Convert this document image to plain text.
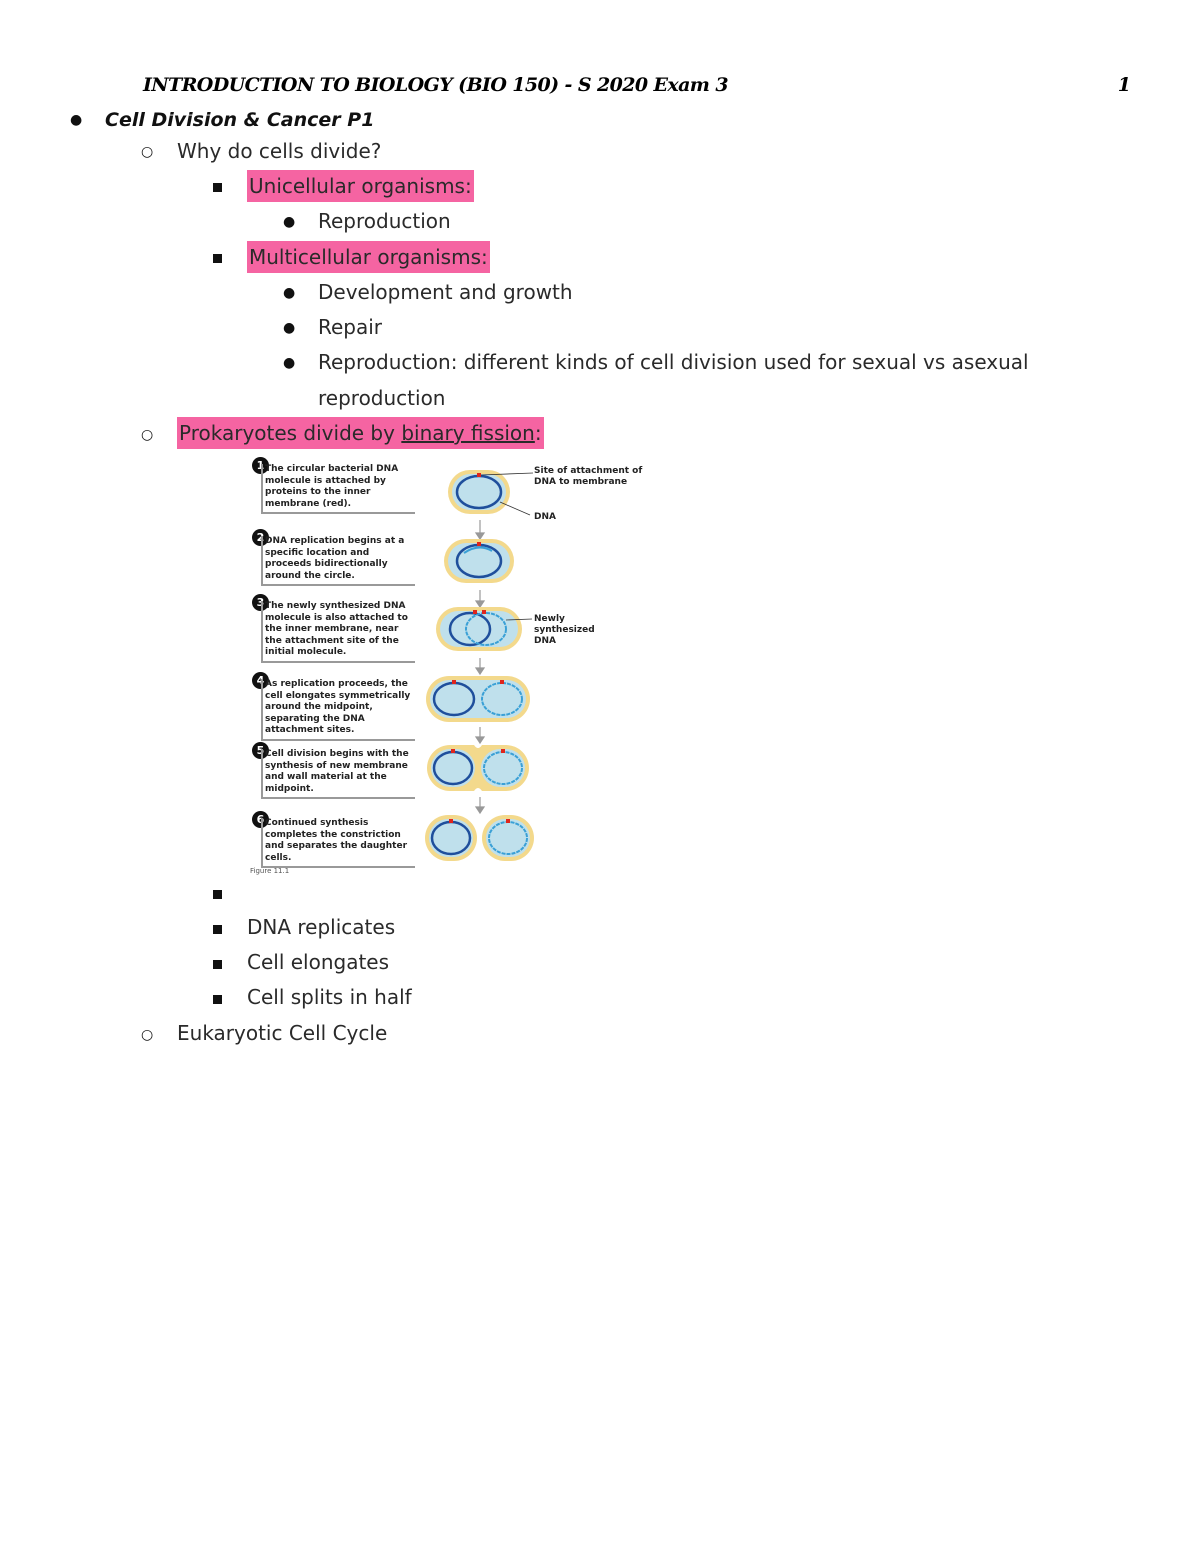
INTRODUCTION TO BIOLOGY (BIO 150) - S 2020 Exam 3	1
● Cell Division & Cancer P1
○ Why do cells divide?
Unicellular organisms:
● Reproduction
Multicellular organisms:
● Development and growth
● Repair
● Reproduction: different kinds of cell division used for sexual vs asexual
reproduction
○ Prokaryotes divide by binary fission:
1 The circular bacterial DNA molecule is attached by proteins to the inner membrane (red).
2 DNA replication begins at a specific location and proceeds bidirectionally around the circle.
3 The newly synthesized DNA molecule is also attached to the inner membrane, near the attachment site of the initial molecule.
4 As replication proceeds, the cell elongates symmetrically around the midpoint, separating the DNA attachment sites.
5 Cell division begins with the synthesis of new membrane and wall material at the midpoint.
6 Continued synthesis completes the constriction and separates the daughter cells.
Site of attachment of DNA to membrane
DNA
Newly synthesized DNA
Figure 11.1
DNA replicates
Cell elongates
Cell splits in half
○ Eukaryotic Cell Cycle
